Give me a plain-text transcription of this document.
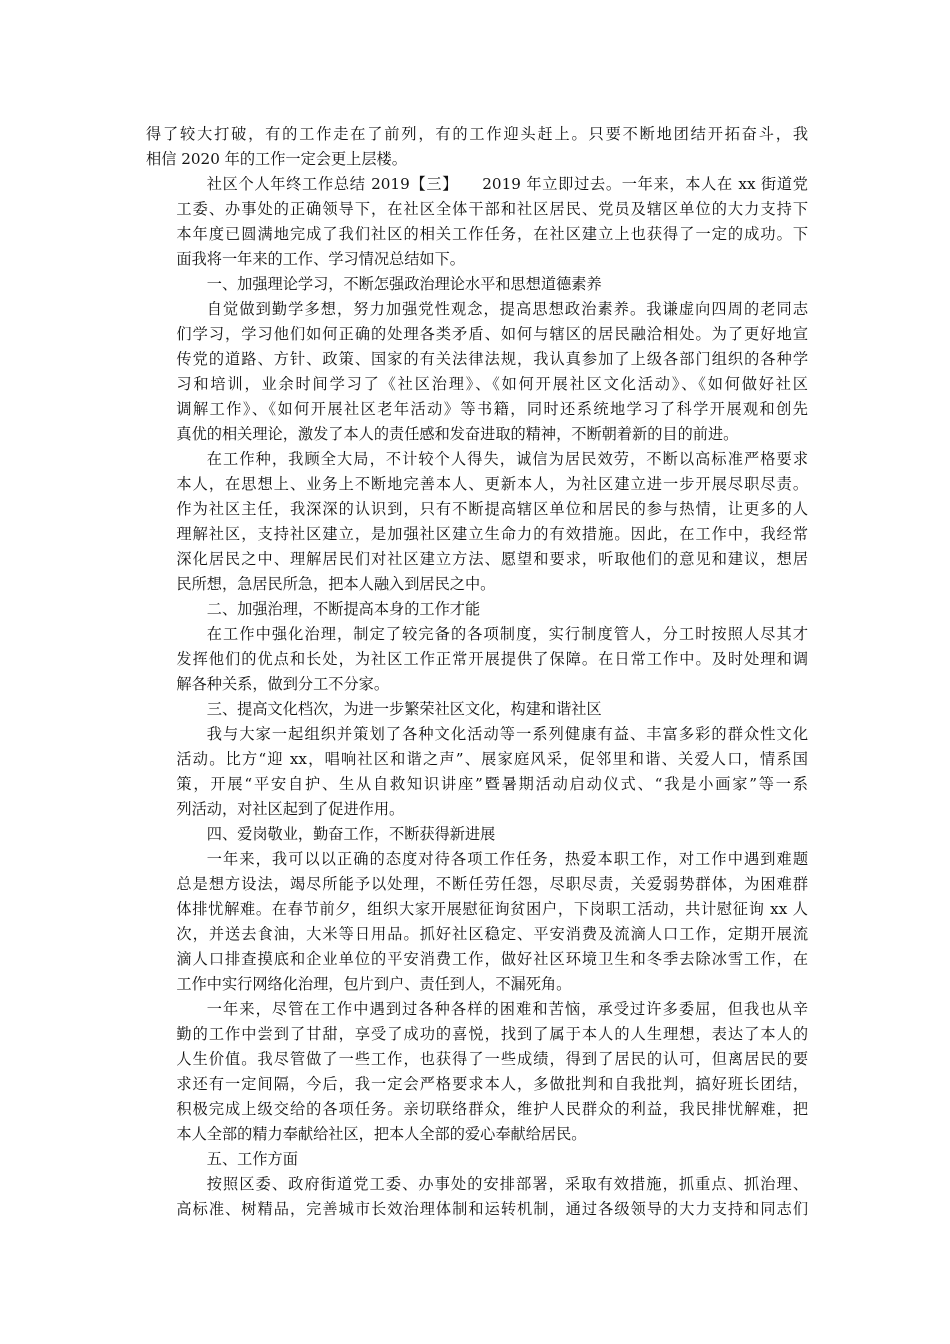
得了较大打破，有的工作走在了前列，有的工作迎头赶上。只要不断地团结开拓奋斗，我
相信 2020 年的工作一定会更上层楼。
社区个人年终工作总结 2019【三】　　2019 年立即过去。一年来，本人在 xx 街道党
工委、办事处的正确领导下，在社区全体干部和社区居民、党员及辖区单位的大力支持下
本年度已圆满地完成了我们社区的相关工作任务，在社区建立上也获得了一定的成功。下
面我将一年来的工作、学习情况总结如下。
一、加强理论学习，不断怎强政治理论水平和思想道德素养
自觉做到勤学多想，努力加强党性观念，提高思想政治素养。我谦虚向四周的老同志
们学习，学习他们如何正确的处理各类矛盾、如何与辖区的居民融洽相处。为了更好地宣
传党的道路、方针、政策、国家的有关法律法规，我认真参加了上级各部门组织的各种学
习和培训，业余时间学习了《社区治理》、《如何开展社区文化活动》、《如何做好社区
调解工作》、《如何开展社区老年活动》等书籍，同时还系统地学习了科学开展观和创先
真优的相关理论，激发了本人的责任感和发奋进取的精神，不断朝着新的目的前进。
在工作种，我顾全大局，不计较个人得失，诚信为居民效劳，不断以高标准严格要求
本人，在思想上、业务上不断地完善本人、更新本人，为社区建立进一步开展尽职尽责。
作为社区主任，我深深的认识到，只有不断提高辖区单位和居民的参与热情，让更多的人
理解社区，支持社区建立，是加强社区建立生命力的有效措施。因此，在工作中，我经常
深化居民之中、理解居民们对社区建立方法、愿望和要求，听取他们的意见和建议，想居
民所想，急居民所急，把本人融入到居民之中。
二、加强治理，不断提高本身的工作才能
在工作中强化治理，制定了较完备的各项制度，实行制度管人，分工时按照人尽其才
发挥他们的优点和长处，为社区工作正常开展提供了保障。在日常工作中。及时处理和调
解各种关系，做到分工不分家。
三、提高文化档次，为进一步繁荣社区文化，构建和谐社区
我与大家一起组织并策划了各种文化活动等一系列健康有益、丰富多彩的群众性文化
活动。比方“迎 xx，唱响社区和谐之声”、展家庭风采，促邻里和谐、关爱人口，情系国
策，开展“平安自护、生从自救知识讲座”暨暑期活动启动仪式、“我是小画家”等一系
列活动，对社区起到了促进作用。
四、爱岗敬业，勤奋工作，不断获得新进展
一年来，我可以以正确的态度对待各项工作任务，热爱本职工作，对工作中遇到难题
总是想方设法，竭尽所能予以处理，不断任劳任怨，尽职尽责，关爱弱势群体，为困难群
体排忧解难。在春节前夕，组织大家开展慰征询贫困户，下岗职工活动，共计慰征询 xx 人
次，并送去食油，大米等日用品。抓好社区稳定、平安消费及流滴人口工作，定期开展流
滴人口排查摸底和企业单位的平安消费工作，做好社区环境卫生和冬季去除冰雪工作，在
工作中实行网络化治理，包片到户、责任到人，不漏死角。
一年来，尽管在工作中遇到过各种各样的困难和苦恼，承受过许多委屈，但我也从辛
勤的工作中尝到了甘甜，享受了成功的喜悦，找到了属于本人的人生理想，表达了本人的
人生价值。我尽管做了一些工作，也获得了一些成绩，得到了居民的认可，但离居民的要
求还有一定间隔，今后，我一定会严格要求本人，多做批判和自我批判，搞好班长团结，
积极完成上级交给的各项任务。亲切联络群众，维护人民群众的利益，我民排忧解难，把
本人全部的精力奉献给社区，把本人全部的爱心奉献给居民。
五、工作方面
按照区委、政府街道党工委、办事处的安排部署，采取有效措施，抓重点、抓治理、
高标准、树精品，完善城市长效治理体制和运转机制，通过各级领导的大力支持和同志们
